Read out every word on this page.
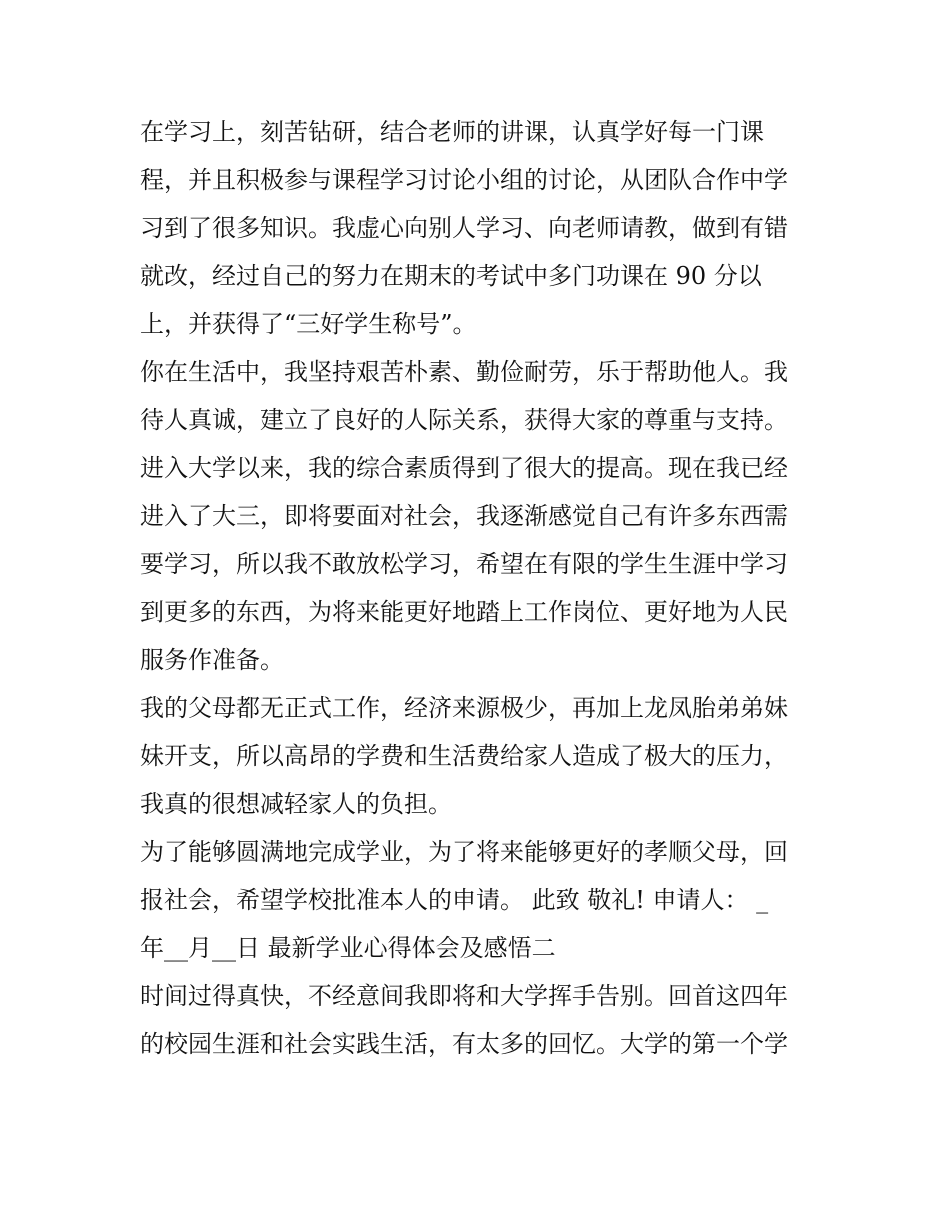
在学习上，刻苦钻研，结合老师的讲课，认真学好每一门课
程，并且积极参与课程学习讨论小组的讨论，从团队合作中学
习到了很多知识。我虚心向别人学习、向老师请教，做到有错
就改，经过自己的努力在期末的考试中多门功课在 90 分以
上，并获得了“三好学生称号”。
你在生活中，我坚持艰苦朴素、勤俭耐劳，乐于帮助他人。我
待人真诚，建立了良好的人际关系，获得大家的尊重与支持。
进入大学以来，我的综合素质得到了很大的提高。现在我已经
进入了大三，即将要面对社会，我逐渐感觉自己有许多东西需
要学习，所以我不敢放松学习，希望在有限的学生生涯中学习
到更多的东西，为将来能更好地踏上工作岗位、更好地为人民
服务作准备。
我的父母都无正式工作，经济来源极少，再加上龙凤胎弟弟妹
妹开支，所以高昂的学费和生活费给家人造成了极大的压力，
我真的很想减轻家人的负担。
为了能够圆满地完成学业，为了将来能够更好的孝顺父母，回
报社会，希望学校批准本人的申请。 此致 敬礼! 申请人： _
年__月__日 最新学业心得体会及感悟二
时间过得真快，不经意间我即将和大学挥手告别。回首这四年
的校园生涯和社会实践生活，有太多的回忆。大学的第一个学
